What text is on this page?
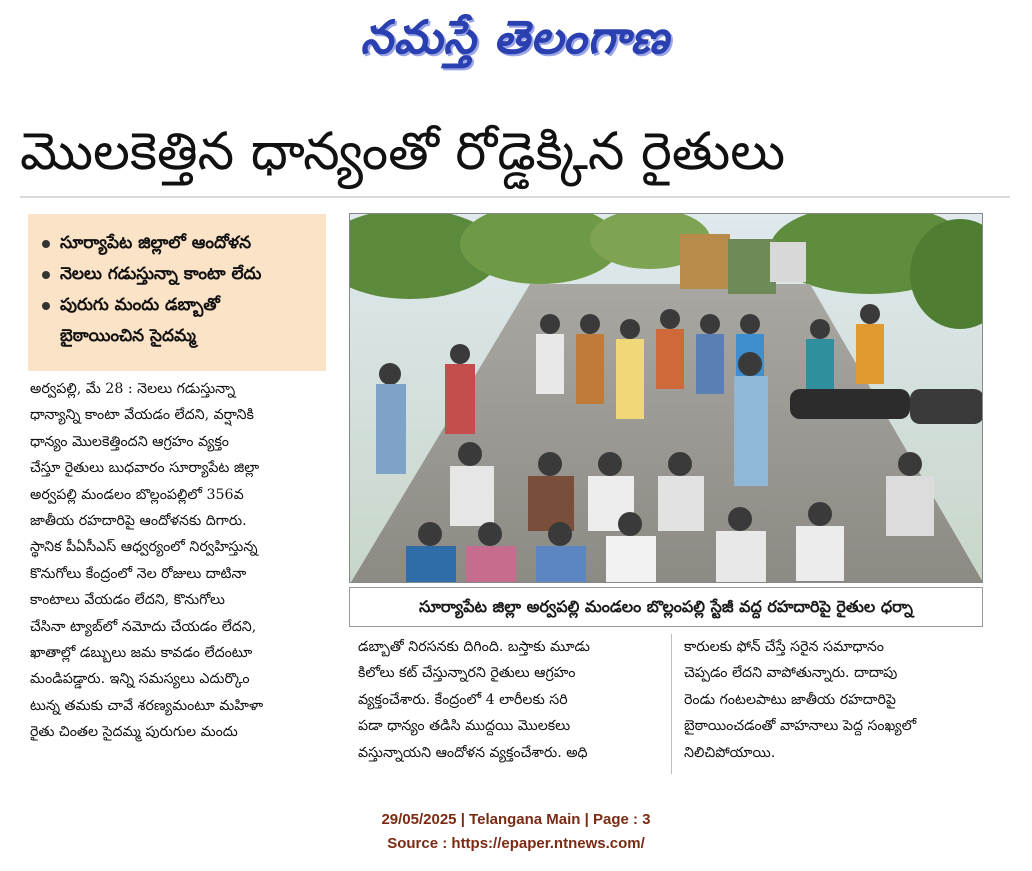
నమస్తే తెలంగాణ
మొలకెత్తిన ధాన్యంతో రోడ్డెక్కిన రైతులు
సూర్యాపేట జిల్లాలో ఆందోళన
నెలలు గడుస్తున్నా కాంటా లేదు
పురుగు మందు డబ్బాతో
బైఠాయించిన సైదమ్మ

అర్వపల్లి, మే 28 : నెలలు గడుస్తున్నా

ధాన్యాన్ని కాంటా వేయడం లేదని, వర్షానికి

ధాన్యం మొలకెత్తిందని ఆగ్రహం వ్యక్తం

చేస్తూ రైతులు బుధవారం సూర్యాపేట జిల్లా

అర్వపల్లి మండలం బొల్లంపల్లిలో 356వ

జాతీయ రహదారిపై ఆందోళనకు దిగారు.

స్థానిక పీఏసీఎస్ ఆధ్వర్యంలో నిర్వహిస్తున్న

కొనుగోలు కేంద్రంలో నెల రోజులు దాటినా

కాంటాలు వేయడం లేదని, కొనుగోలు

చేసినా ట్యాబ్‌లో నమోదు చేయడం లేదని,

ఖాతాల్లో డబ్బులు జమ కావడం లేదంటూ

మండిపడ్డారు. ఇన్ని సమస్యలు ఎదుర్కొం

టున్న తమకు చావే శరణ్యమంటూ మహిళా

రైతు చింతల సైదమ్మ పురుగుల మందు

సూర్యాపేట జిల్లా అర్వపల్లి మండలం బొల్లంపల్లి స్టేజీ వద్ద రహదారిపై రైతుల ధర్నా

డబ్బాతో నిరసనకు దిగింది. బస్తాకు మూడు

కిలోలు కట్ చేస్తున్నారని రైతులు ఆగ్రహం

వ్యక్తంచేశారు. కేంద్రంలో 4 లారీలకు సరి

పడా ధాన్యం తడిసి ముద్దయి మొలకలు

వస్తున్నాయని ఆందోళన వ్యక్తంచేశారు. అధి

కారులకు ఫోన్ చేస్తే సరైన సమాధానం

చెప్పడం లేదని వాపోతున్నారు. దాదాపు

రెండు గంటలపాటు జాతీయ రహదారిపై

బైఠాయించడంతో వాహనాలు పెద్ద సంఖ్యలో

నిలిచిపోయాయి.

29/05/2025 | Telangana Main | Page : 3
Source : https://epaper.ntnews.com/
